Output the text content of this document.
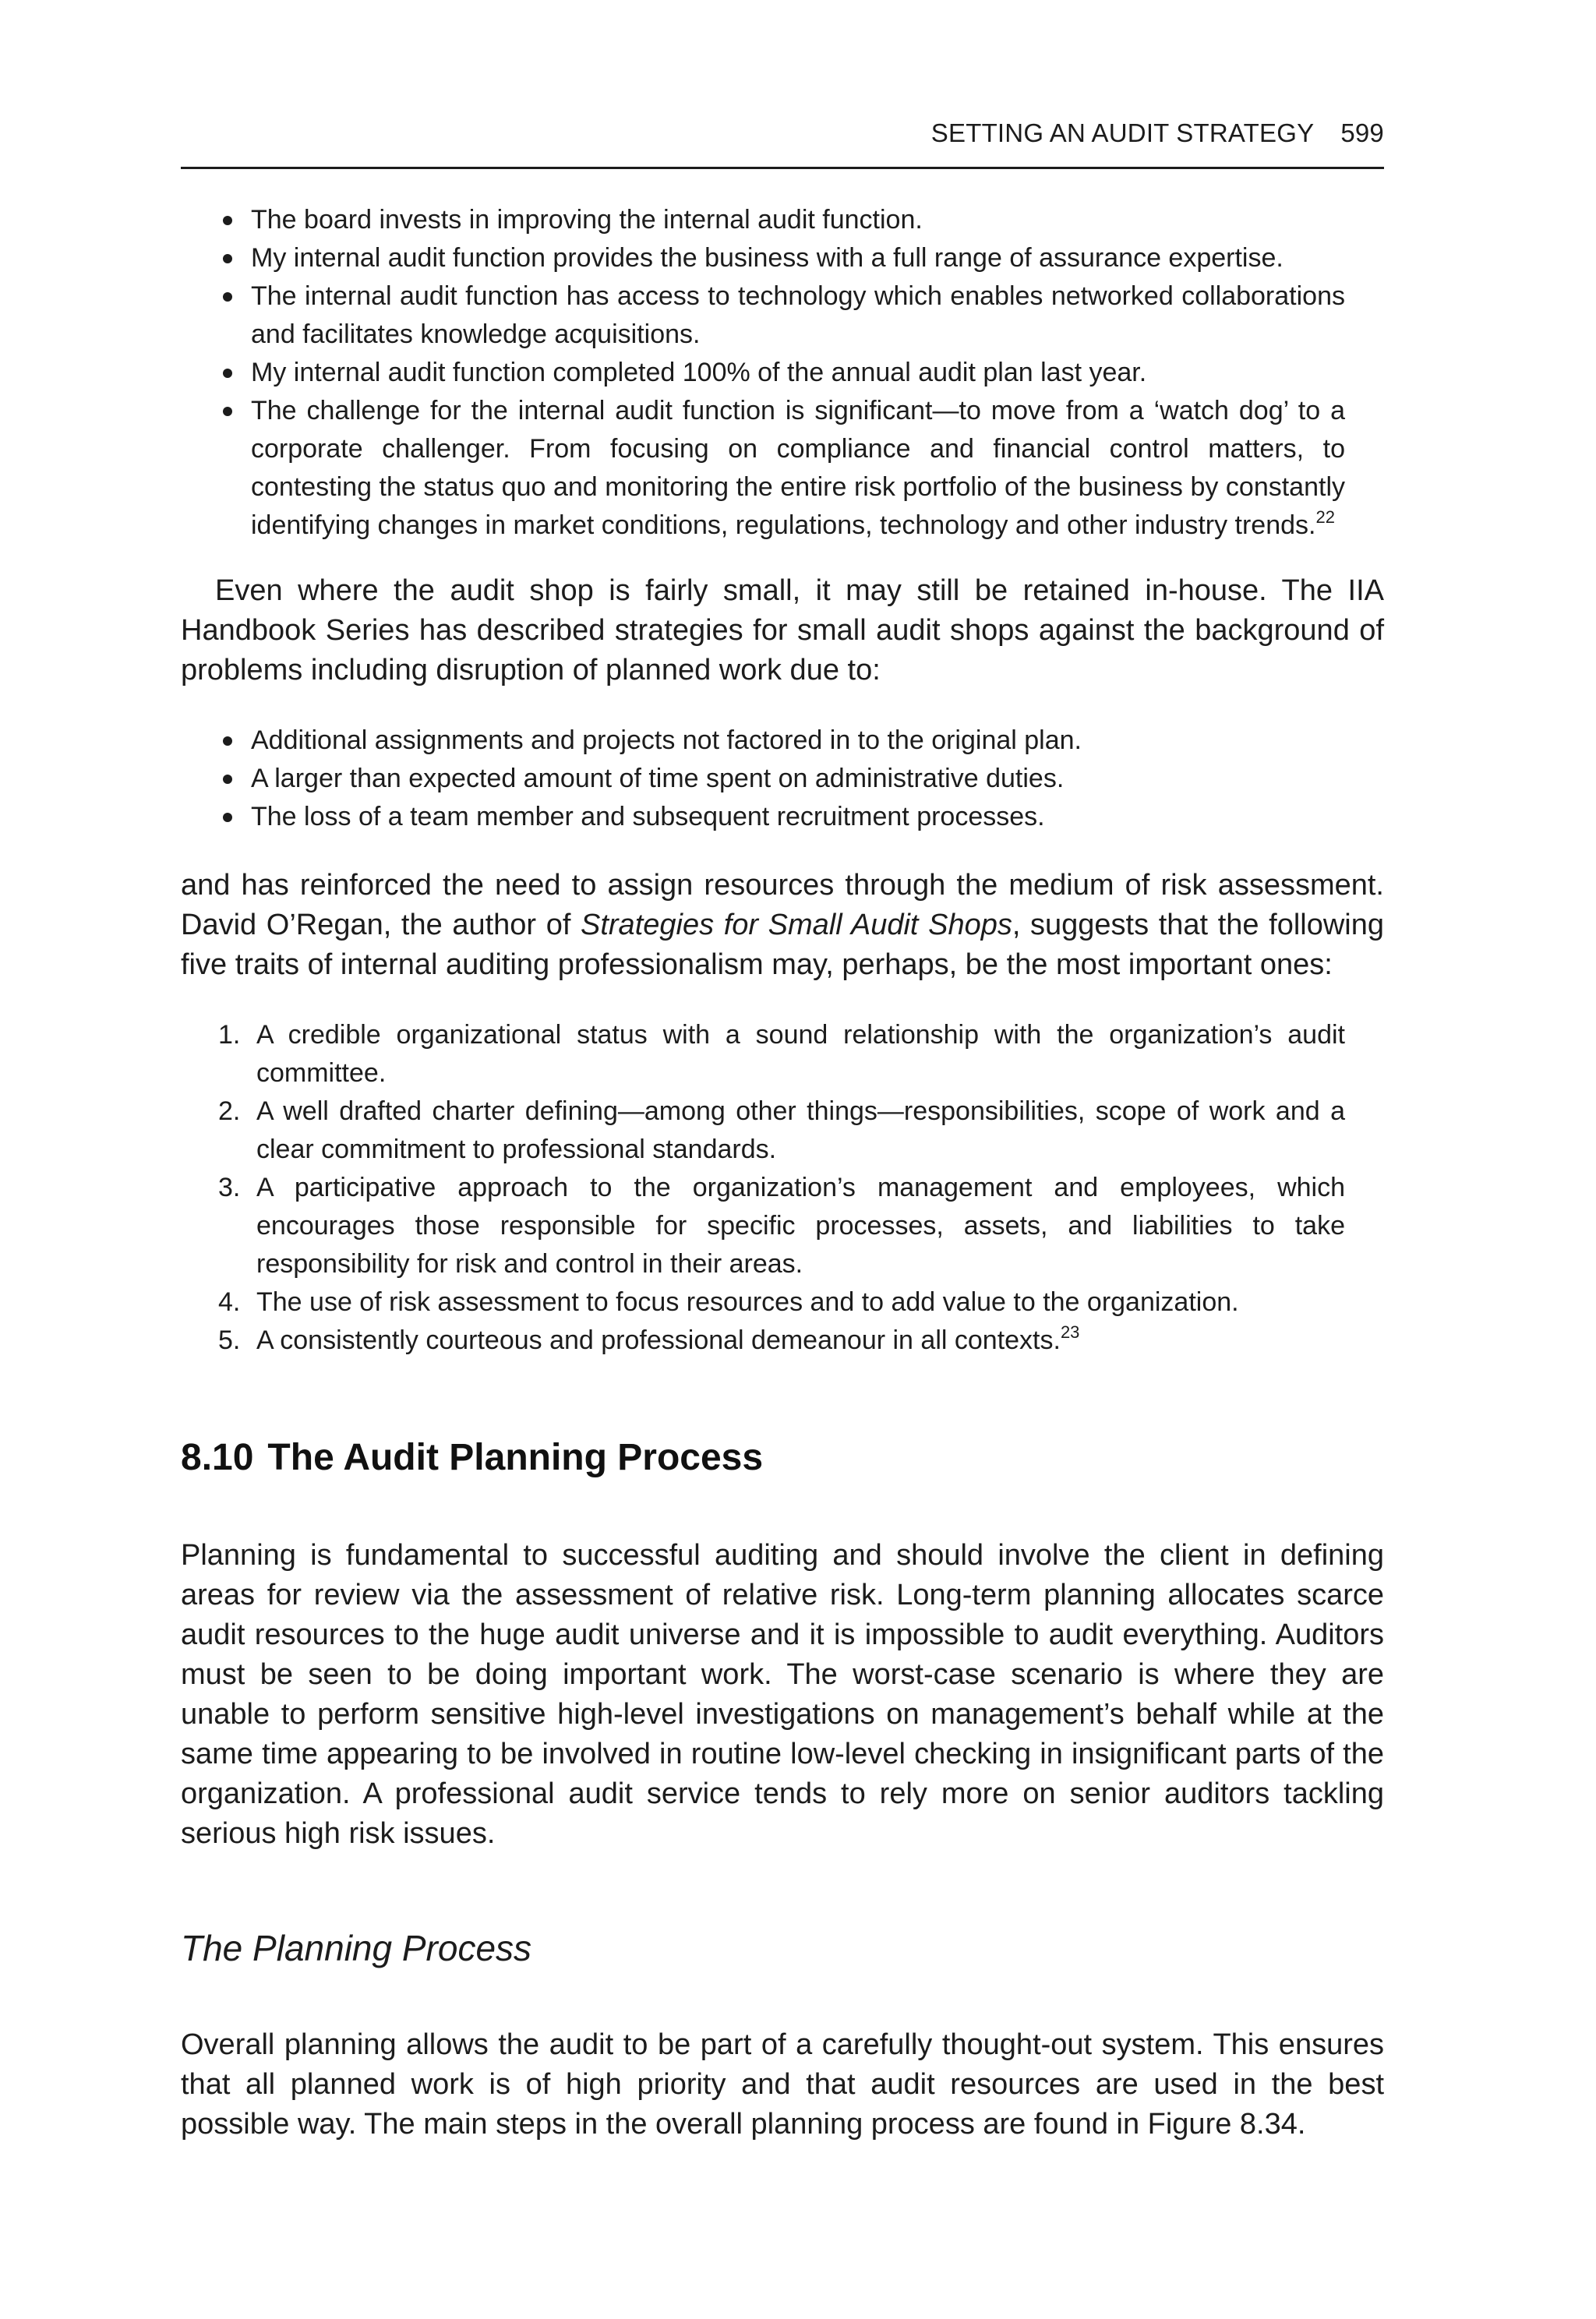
SETTING AN AUDIT STRATEGY 599
The board invests in improving the internal audit function.
My internal audit function provides the business with a full range of assurance expertise.
The internal audit function has access to technology which enables networked collaborations and facilitates knowledge acquisitions.
My internal audit function completed 100% of the annual audit plan last year.
The challenge for the internal audit function is significant—to move from a ‘watch dog’ to a corporate challenger. From focusing on compliance and financial control matters, to contesting the status quo and monitoring the entire risk portfolio of the business by constantly identifying changes in market conditions, regulations, technology and other industry trends.$^{22}$

Even where the audit shop is fairly small, it may still be retained in-house. The IIA Handbook Series has described strategies for small audit shops against the background of problems including disruption of planned work due to:

Additional assignments and projects not factored in to the original plan.
A larger than expected amount of time spent on administrative duties.
The loss of a team member and subsequent recruitment processes.

and has reinforced the need to assign resources through the medium of risk assessment. David O’Regan, the author of Strategies for Small Audit Shops, suggests that the following five traits of internal auditing professionalism may, perhaps, be the most important ones:

1. A credible organizational status with a sound relationship with the organization’s audit committee.
2. A well drafted charter defining—among other things—responsibilities, scope of work and a clear commitment to professional standards.
3. A participative approach to the organization’s management and employees, which encourages those responsible for specific processes, assets, and liabilities to take responsibility for risk and control in their areas.
4. The use of risk assessment to focus resources and to add value to the organization.
5. A consistently courteous and professional demeanour in all contexts.$^{23}$
8.10 The Audit Planning Process

Planning is fundamental to successful auditing and should involve the client in defining areas for review via the assessment of relative risk. Long-term planning allocates scarce audit resources to the huge audit universe and it is impossible to audit everything. Auditors must be seen to be doing important work. The worst-case scenario is where they are unable to perform sensitive high-level investigations on management’s behalf while at the same time appearing to be involved in routine low-level checking in insignificant parts of the organization. A professional audit service tends to rely more on senior auditors tackling serious high risk issues.

The Planning Process

Overall planning allows the audit to be part of a carefully thought-out system. This ensures that all planned work is of high priority and that audit resources are used in the best possible way. The main steps in the overall planning process are found in Figure 8.34.
